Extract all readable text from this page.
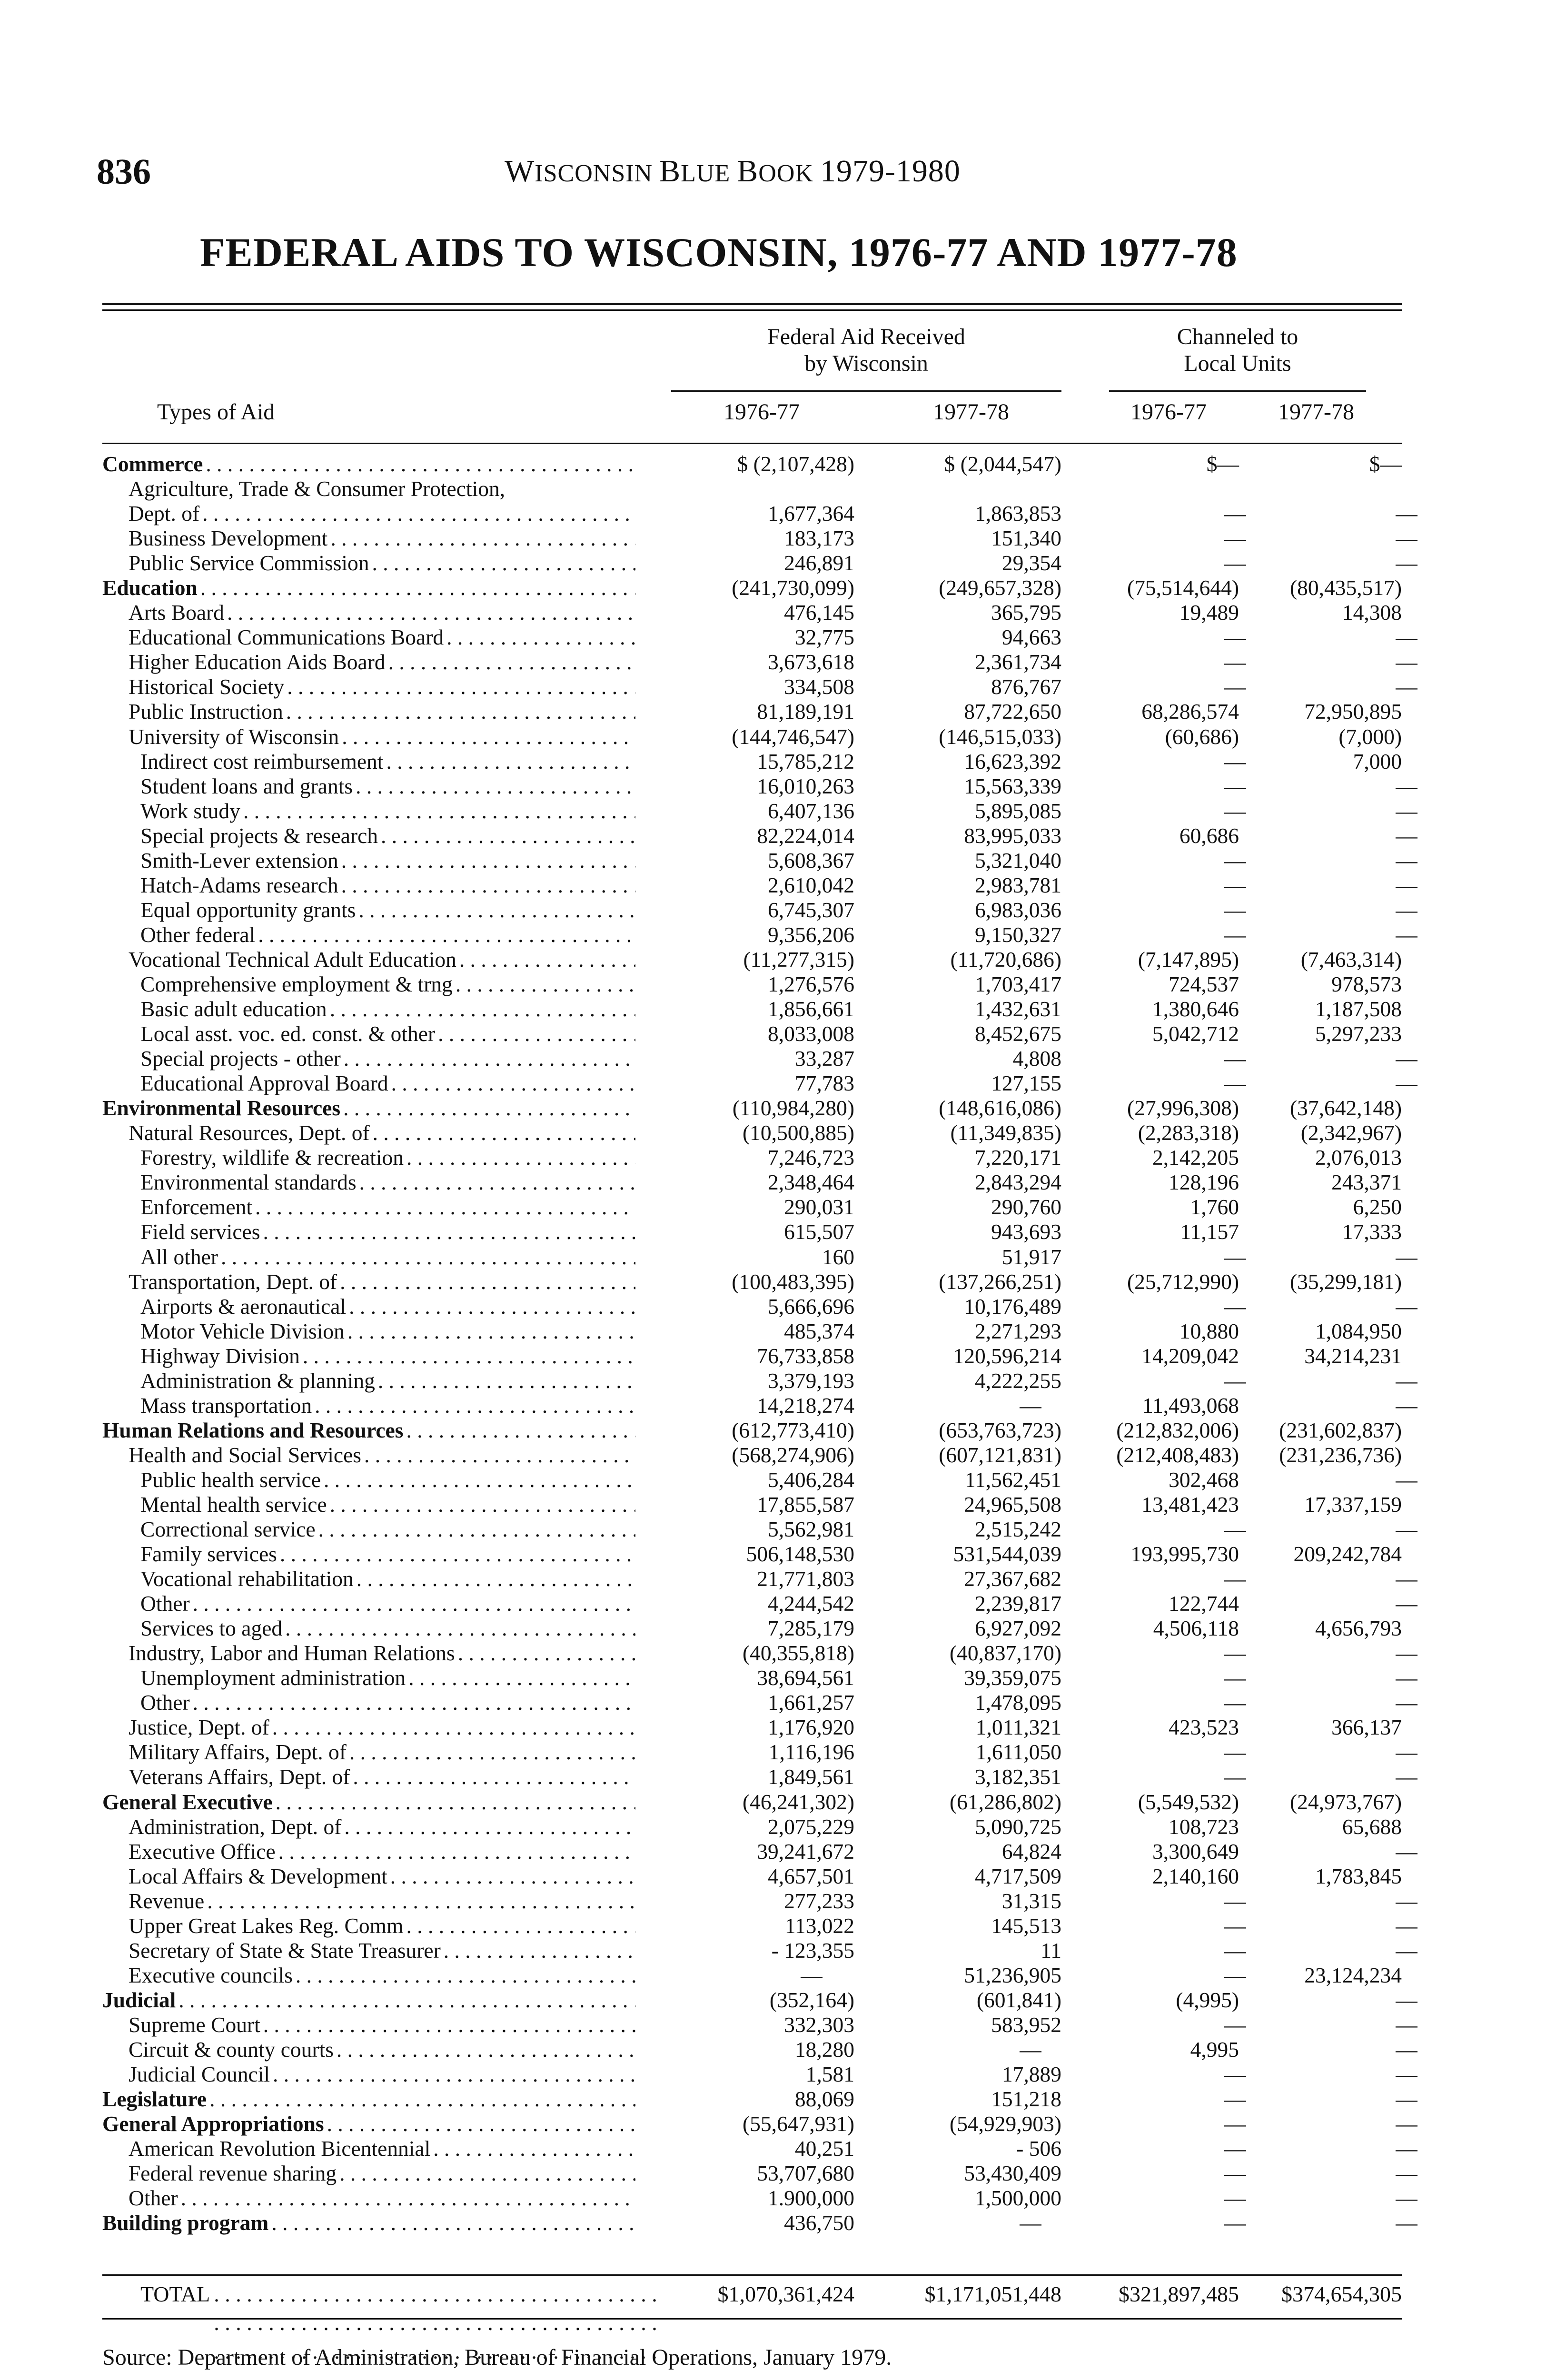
836	WISCONSIN BLUE BOOK 1979-1980
FEDERAL AIDS TO WISCONSIN, 1976-77 AND 1977-78
Federal Aid Received
by Wisconsin
Channeled to
Local Units
Types of Aid	1976-77	1977-78	1976-77	1977-78
Commerce . . .	$ (2,107,428)	$ (2,044,547)	$—	$—
Agriculture, Trade & Consumer Protection,
Dept. of . . .	1,677,364	1,863,853	—	—
Business Development . . .	183,173	151,340	—	—
Public Service Commission . . .	246,891	29,354	—	—
Education . . .	(241,730,099)	(249,657,328)	(75,514,644) (80,435,517)
Arts Board . . .	476,145	365,795	19,489	14,308
Educational Communications Board . . .	32,775	94,663	—	—
Higher Education Aids Board . . .	3,673,618	2,361,734	—	—
Historical Society . . .	334,508	876,767	—	—
Public Instruction . . .	81,189,191	87,722,650	68,286,574	72,950,895
University of Wisconsin . . .	(144,746,547)	(146,515,033)	(60,686)	(7,000)
Indirect cost reimbursement . . .	15,785,212	16,623,392	—	7,000
Student loans and grants . . .	16,010,263	15,563,339	—	—
Work study . . .	6,407,136	5,895,085	—	—
Special projects & research . . .	82,224,014	83,995,033	60,686	—
Smith-Lever extension . . .	5,608,367	5,321,040	—	—
Hatch-Adams research . . .	2,610,042	2,983,781	—	—
Equal opportunity grants . . .	6,745,307	6,983,036	—	—
Other federal . . .	9,356,206	9,150,327	—	—
Vocational Technical Adult Education . . .	(11,277,315)	(11,720,686)	(7,147,895)	(7,463,314)
Comprehensive employment & trng . . .	1,276,576	1,703,417	724,537	978,573
Basic adult education . . .	1,856,661	1,432,631	1,380,646	1,187,508
Local asst. voc. ed. const. & other . . .	8,033,008	8,452,675	5,042,712	5,297,233
Special projects - other . . .	33,287	4,808	—	—
Educational Approval Board . . .	77,783	127,155	—	—
Environmental Resources . . .	(110,984,280)	(148,616,086)	(27,996,308) (37,642,148)
Natural Resources, Dept. of . . .	(10,500,885)	(11,349,835)	(2,283,318)	(2,342,967)
Forestry, wildlife & recreation . . .	7,246,723	7,220,171	2,142,205	2,076,013
Environmental standards . . .	2,348,464	2,843,294	128,196	243,371
Enforcement . . .	290,031	290,760	1,760	6,250
Field services . . .	615,507	943,693	11,157	17,333
All other . . .	160	51,917	—	—
Transportation, Dept. of . . .	(100,483,395)	(137,266,251)	(25,712,990) (35,299,181)
Airports & aeronautical . . .	5,666,696	10,176,489	—	—
Motor Vehicle Division . . .	485,374	2,271,293	10,880	1,084,950
Highway Division . . .	76,733,858	120,596,214	14,209,042	34,214,231
Administration & planning . . .	3,379,193	4,222,255	—	—
Mass transportation . . .	14,218,274	—	11,493,068	—
Human Relations and Resources . . .	(612,773,410)	(653,763,723)	(212,832,006) (231,602,837)
Health and Social Services . . .	(568,274,906)	(607,121,831)	(212,408,483) (231,236,736)
Public health service . . .	5,406,284	11,562,451	302,468	—
Mental health service . . .	17,855,587	24,965,508	13,481,423	17,337,159
Correctional service . . .	5,562,981	2,515,242	—	—
Family services . . .	506,148,530	531,544,039	193,995,730	209,242,784
Vocational rehabilitation . . .	21,771,803	27,367,682	—	—
Other . . .	4,244,542	2,239,817	122,744	—
Services to aged . . .	7,285,179	6,927,092	4,506,118	4,656,793
Industry, Labor and Human Relations . . .	(40,355,818)	(40,837,170)	—	—
Unemployment administration . . .	38,694,561	39,359,075	—	—
Other . . .	1,661,257	1,478,095	—	—
Justice, Dept. of . . .	1,176,920	1,011,321	423,523	366,137
Military Affairs, Dept. of . . .	1,116,196	1,611,050	—	—
Veterans Affairs, Dept. of . . .	1,849,561	3,182,351	—	—
General Executive . . .	(46,241,302)	(61,286,802)	(5,549,532) (24,973,767)
Administration, Dept. of . . .	2,075,229	5,090,725	108,723	65,688
Executive Office . . .	39,241,672	64,824	3,300,649	—
Local Affairs & Development . . .	4,657,501	4,717,509	2,140,160	1,783,845
Revenue . . .	277,233	31,315	—	—
Upper Great Lakes Reg. Comm . . .	113,022	145,513	—	—
Secretary of State & State Treasurer . . .	- 123,355	11	—	—
Executive councils . . .	—	51,236,905	—	23,124,234
Judicial . . .	(352,164)	(601,841)	(4,995)	—
Supreme Court . . .	332,303	583,952	—	—
Circuit & county courts . . .	18,280	—	4,995	—
Judicial Council . . .	1,581	17,889	—	—
Legislature . . .	88,069	151,218	—	—
General Appropriations . . .	(55,647,931)	(54,929,903)	—	—
American Revolution Bicentennial . . .	40,251	- 506	—	—
Federal revenue sharing . . .	53,707,680	53,430,409	—	—
Other . . .	1.900,000	1,500,000	—	—
Building program . . .	436,750	—	—	—
TOTAL . . .	$1,070,361,424	$1,171,051,448	$321,897,485 $374,654,305
Source: Department of Administration, Bureau of Financial Operations, January 1979.
